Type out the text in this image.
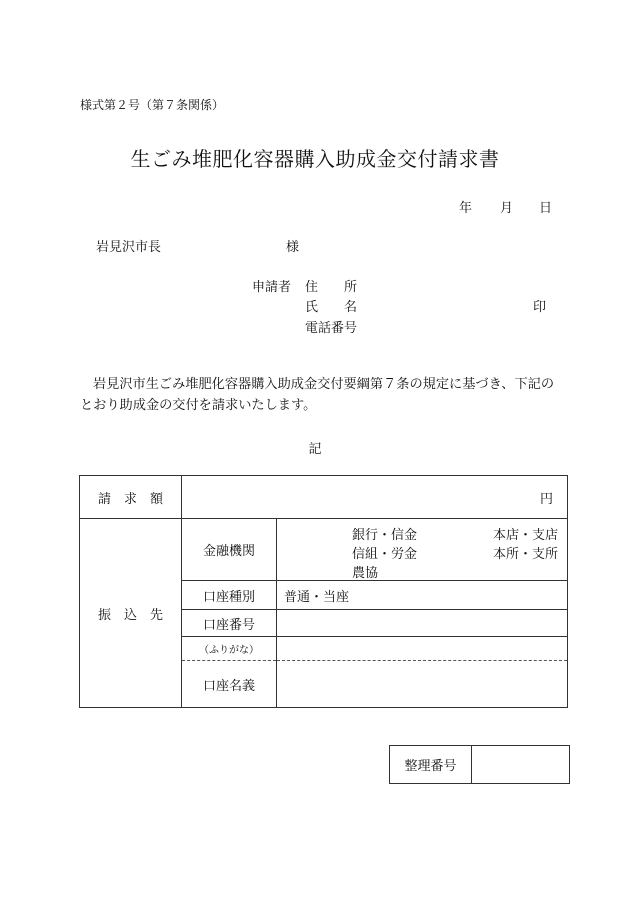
様式第２号（第７条関係）
生ごみ堆肥化容器購入助成金交付請求書
年 月 日
岩見沢市長	様
申請者 住　　所
氏　　名	印
電話番号
岩見沢市生ごみ堆肥化容器購入助成金交付要綱第７条の規定に基づき、下記のとおり助成金の交付を請求いたします。
記
請　求　額	円	
振　込　先	金融機関	銀行・信金
信組・労金
農協
本店・支店
本所・支所

	口座種別	普通・当座
	口座番号	
	（ふりがな）	
	口座名義	
整理番号	
